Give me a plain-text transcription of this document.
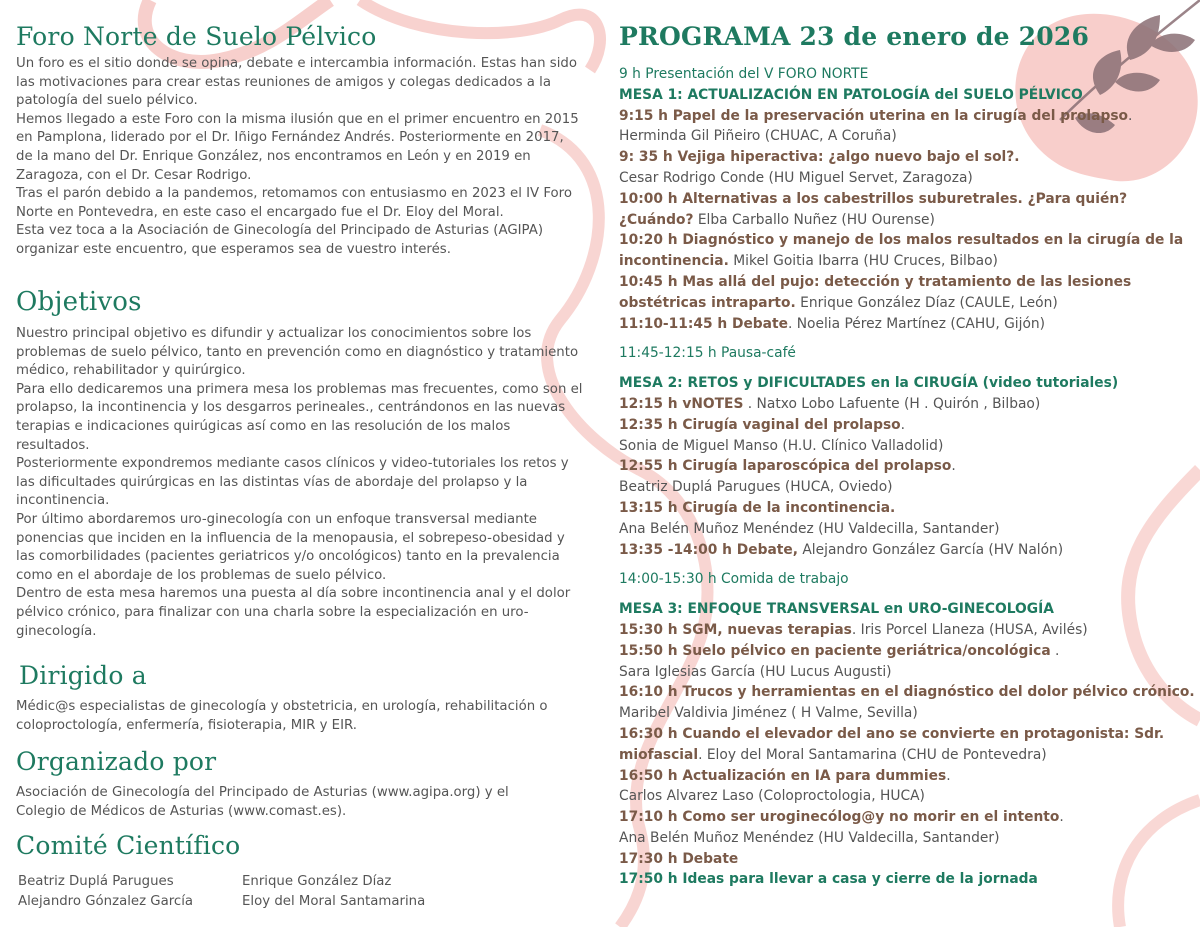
Foro Norte de Suelo Pélvico

Un foro es el sitio donde se opina, debate e intercambia información. Estas han sido las motivaciones para crear estas reuniones de amigos y colegas dedicados a la patología del suelo pélvico.

Hemos llegado a este Foro con la misma ilusión que en el primer encuentro en 2015 en Pamplona, liderado por el Dr. Iñigo Fernández Andrés. Posteriormente en 2017, de la mano del Dr. Enrique González, nos encontramos en León y en 2019 en Zaragoza, con el Dr. Cesar Rodrigo.

Tras el parón debido a la pandemos, retomamos con entusiasmo en 2023 el IV Foro Norte en Pontevedra, en este caso el encargado fue el Dr. Eloy del Moral.

Esta vez toca a la Asociación de Ginecología del Principado de Asturias (AGIPA) organizar este encuentro, que esperamos sea de vuestro interés.

Objetivos

Nuestro principal objetivo es difundir y actualizar los conocimientos sobre los problemas de suelo pélvico, tanto en prevención como en diagnóstico y tratamiento médico, rehabilitador y quirúrgico.

Para ello dedicaremos una primera mesa los problemas mas frecuentes, como son el prolapso, la incontinencia y los desgarros perineales., centrándonos en las nuevas terapias e indicaciones quirúgicas así como en las resolución de los malos resultados.

Posteriormente expondremos mediante casos clínicos y video-tutoriales los retos y las dificultades quirúrgicas en las distintas vías de abordaje del prolapso y la incontinencia.

Por último abordaremos uro-ginecología con un enfoque transversal mediante ponencias que inciden en la influencia de la menopausia, el sobrepeso-obesidad y las comorbilidades (pacientes geriatricos y/o oncológicos) tanto en la prevalencia como en el abordaje de los problemas de suelo pélvico.

Dentro de esta mesa haremos una puesta al día sobre incontinencia anal y el dolor pélvico crónico, para finalizar con una charla sobre la especialización en uro-ginecología.

Dirigido a

Médic@s especialistas de ginecología y obstetricia, en urología, rehabilitación o coloproctología, enfermería, fisioterapia, MIR y EIR.

Organizado por

Asociación de Ginecología del Principado de Asturias (www.agipa.org) y el

Colegio de Médicos de Asturias (www.comast.es).

Comité Científico
Beatriz Duplá Parugues
Alejandro Gónzalez García
Enrique González Díaz
Eloy del Moral Santamarina
PROGRAMA 23 de enero de 2026
9 h Presentación del V FORO NORTE
MESA 1: ACTUALIZACIÓN EN PATOLOGÍA del SUELO PÉLVICO
9:15 h Papel de la preservación uterina en la cirugía del prolapso.
Herminda Gil Piñeiro (CHUAC, A Coruña)
9: 35 h Vejiga hiperactiva: ¿algo nuevo bajo el sol?.
Cesar Rodrigo Conde (HU Miguel Servet, Zaragoza)
10:00 h Alternativas a los cabestrillos suburetrales. ¿Para quién? ¿Cuándo? Elba Carballo Nuñez (HU Ourense)
10:20 h Diagnóstico y manejo de los malos resultados en la cirugía de la incontinencia. Mikel Goitia Ibarra (HU Cruces, Bilbao)
10:45 h Mas allá del pujo: detección y tratamiento de las lesiones obstétricas intraparto. Enrique González Díaz (CAULE, León)
11:10-11:45 h Debate. Noelia Pérez Martínez (CAHU, Gijón)
11:45-12:15 h Pausa-café
MESA 2: RETOS y DIFICULTADES en la CIRUGÍA (video tutoriales)
12:15 h vNOTES . Natxo Lobo Lafuente (H . Quirón , Bilbao)
12:35 h Cirugía vaginal del prolapso.
Sonia de Miguel Manso (H.U. Clínico Valladolid)
12:55 h Cirugía laparoscópica del prolapso.
Beatriz Duplá Parugues (HUCA, Oviedo)
13:15 h Cirugía de la incontinencia.
Ana Belén Muñoz Menéndez (HU Valdecilla, Santander)
13:35 -14:00 h Debate, Alejandro González García (HV Nalón)
14:00-15:30 h Comida de trabajo
MESA 3: ENFOQUE TRANSVERSAL en URO-GINECOLOGÍA
15:30 h SGM, nuevas terapias. Iris Porcel Llaneza (HUSA, Avilés)
15:50 h Suelo pélvico en paciente geriátrica/oncológica .
Sara Iglesias García (HU Lucus Augusti)
16:10 h Trucos y herramientas en el diagnóstico del dolor pélvico crónico.
Maribel Valdivia Jiménez ( H Valme, Sevilla)
16:30 h Cuando el elevador del ano se convierte en protagonista: Sdr. miofascial. Eloy del Moral Santamarina (CHU de Pontevedra)
16:50 h Actualización en IA para dummies.
Carlos Alvarez Laso (Coloproctologia, HUCA)
17:10 h Como ser uroginecólog@y no morir en el intento.
Ana Belén Muñoz Menéndez (HU Valdecilla, Santander)
17:30 h Debate
17:50 h Ideas para llevar a casa y cierre de la jornada
